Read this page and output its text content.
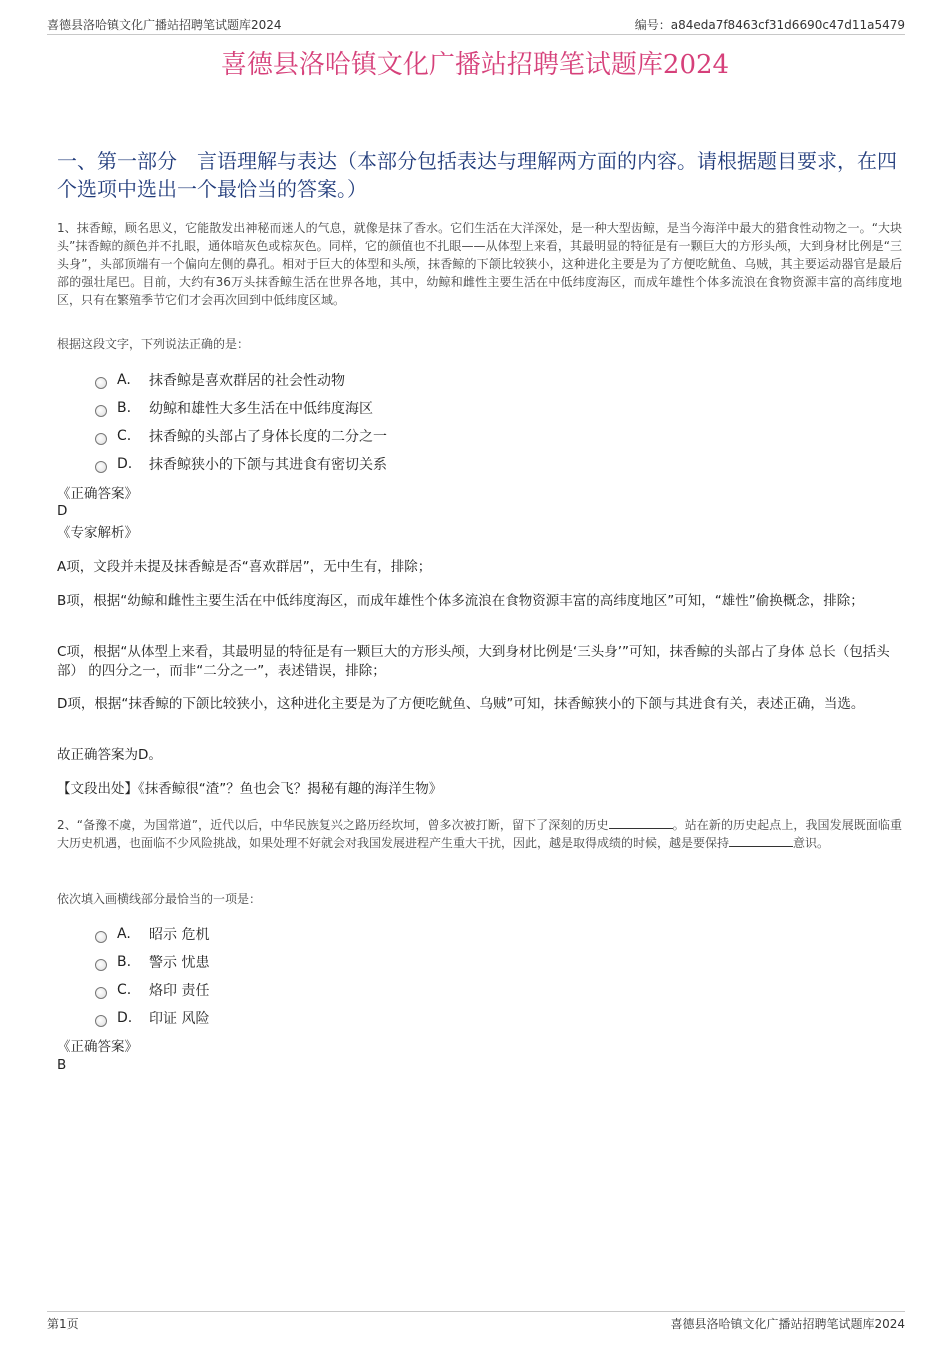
喜德县洛哈镇文化广播站招聘笔试题库2024	编号：a84eda7f8463cf31d6690c47d11a5479
喜德县洛哈镇文化广播站招聘笔试题库2024
一、第一部分　言语理解与表达（本部分包括表达与理解两方面的内容。请根据题目要求，在四个选项中选出一个最恰当的答案。）
1、抹香鲸，顾名思义，它能散发出神秘而迷人的气息，就像是抹了香水。它们生活在大洋深处，是一种大型齿鲸，是当今海洋中最大的猎食性动物之一。“大块头”抹香鲸的颜色并不扎眼，通体暗灰色或棕灰色。同样，它的颜值也不扎眼——从体型上来看，其最明显的特征是有一颗巨大的方形头颅，大到身材比例是“三头身”，头部顶端有一个偏向左侧的鼻孔。相对于巨大的体型和头颅，抹香鲸的下颌比较狭小，这种进化主要是为了方便吃鱿鱼、乌贼，其主要运动器官是最后部的强壮尾巴。目前，大约有36万头抹香鲸生活在世界各地，其中，幼鲸和雌性主要生活在中低纬度海区，而成年雄性个体多流浪在食物资源丰富的高纬度地区，只有在繁殖季节它们才会再次回到中低纬度区域。
根据这段文字，下列说法正确的是：
A.	抹香鲸是喜欢群居的社会性动物
B.	幼鲸和雄性大多生活在中低纬度海区
C.	抹香鲸的头部占了身体长度的二分之一
D.	抹香鲸狭小的下颌与其进食有密切关系
《正确答案》
D
《专家解析》
A项，文段并未提及抹香鲸是否“喜欢群居”，无中生有，排除；
B项，根据“幼鲸和雌性主要生活在中低纬度海区，而成年雄性个体多流浪在食物资源丰富的高纬度地区”可知，“雄性”偷换概念，排除；
C项，根据“从体型上来看，其最明显的特征是有一颗巨大的方形头颅，大到身材比例是‘三头身’”可知，抹香鲸的头部占了身体 总长（包括头部） 的四分之一，而非“二分之一”，表述错误，排除；
D项，根据“抹香鲸的下颌比较狭小，这种进化主要是为了方便吃鱿鱼、乌贼”可知，抹香鲸狭小的下颌与其进食有关，表述正确，当选。
故正确答案为D。
【文段出处】《抹香鲸很“渣”？鱼也会飞？揭秘有趣的海洋生物》
2、“备豫不虞，为国常道”，近代以后，中华民族复兴之路历经坎坷，曾多次被打断，留下了深刻的历史	。站在新的历史起点上，我国发展既面临重大历史机遇，也面临不少风险挑战，如果处理不好就会对我国发展进程产生重大干扰，因此，越是取得成绩的时候，越是要保持	意识。
依次填入画横线部分最恰当的一项是：
A.	昭示 危机
B.	警示 忧患
C.	烙印 责任
D.	印证 风险
《正确答案》
B
第1页	喜德县洛哈镇文化广播站招聘笔试题库2024
